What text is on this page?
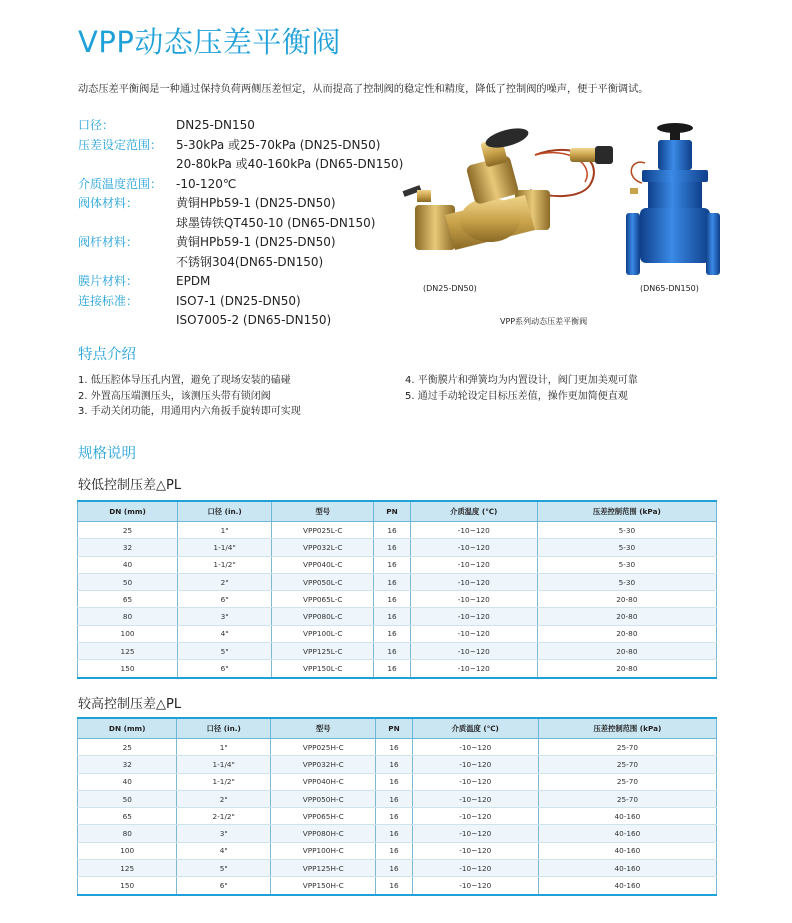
VPP动态压差平衡阀
动态压差平衡阀是一种通过保持负荷两侧压差恒定，从而提高了控制阀的稳定性和精度，降低了控制阀的噪声，便于平衡调试。
口径：	DN25-DN150
压差设定范围：	5-30kPa 或25-70kPa (DN25-DN50)
20-80kPa 或40-160kPa (DN65-DN150)
介质温度范围：	-10-120℃
阀体材料：	黄铜HPb59-1 (DN25-DN50)
球墨铸铁QT450-10 (DN65-DN150)
阀杆材料：	黄铜HPb59-1 (DN25-DN50)
不锈钢304(DN65-DN150)
膜片材料：	EPDM
连接标准：	ISO7-1 (DN25-DN50)
ISO7005-2 (DN65-DN150)
(DN25-DN50)	(DN65-DN150)
VPP系列动态压差平衡阀
特点介绍
1. 低压腔体导压孔内置，避免了现场安装的磕碰
2. 外置高压端测压头，该测压头带有锁闭阀
3. 手动关闭功能，用通用内六角扳手旋转即可实现
4. 平衡膜片和弹簧均为内置设计，阀门更加美观可靠
5. 通过手动轮设定目标压差值，操作更加简便直观
规格说明
较低控制压差△PL
DN (mm)	口径 (in.)	型号	PN	介质温度 (℃)	压差控制范围 (kPa)
25	1"	VPP025L-C	16	-10~120	5-30
32	1-1/4"	VPP032L-C	16	-10~120	5-30
40	1-1/2"	VPP040L-C	16	-10~120	5-30
50	2"	VPP050L-C	16	-10~120	5-30
65	6"	VPP065L-C	16	-10~120	20-80
80	3"	VPP080L-C	16	-10~120	20-80
100	4"	VPP100L-C	16	-10~120	20-80
125	5"	VPP125L-C	16	-10~120	20-80
150	6"	VPP150L-C	16	-10~120	20-80
较高控制压差△PL
DN (mm)	口径 (in.)	型号	PN	介质温度 (℃)	压差控制范围 (kPa)
25	1"	VPP025H-C	16	-10~120	25-70
32	1-1/4"	VPP032H-C	16	-10~120	25-70
40	1-1/2"	VPP040H-C	16	-10~120	25-70
50	2"	VPP050H-C	16	-10~120	25-70
65	2-1/2"	VPP065H-C	16	-10~120	40-160
80	3"	VPP080H-C	16	-10~120	40-160
100	4"	VPP100H-C	16	-10~120	40-160
125	5"	VPP125H-C	16	-10~120	40-160
150	6"	VPP150H-C	16	-10~120	40-160
